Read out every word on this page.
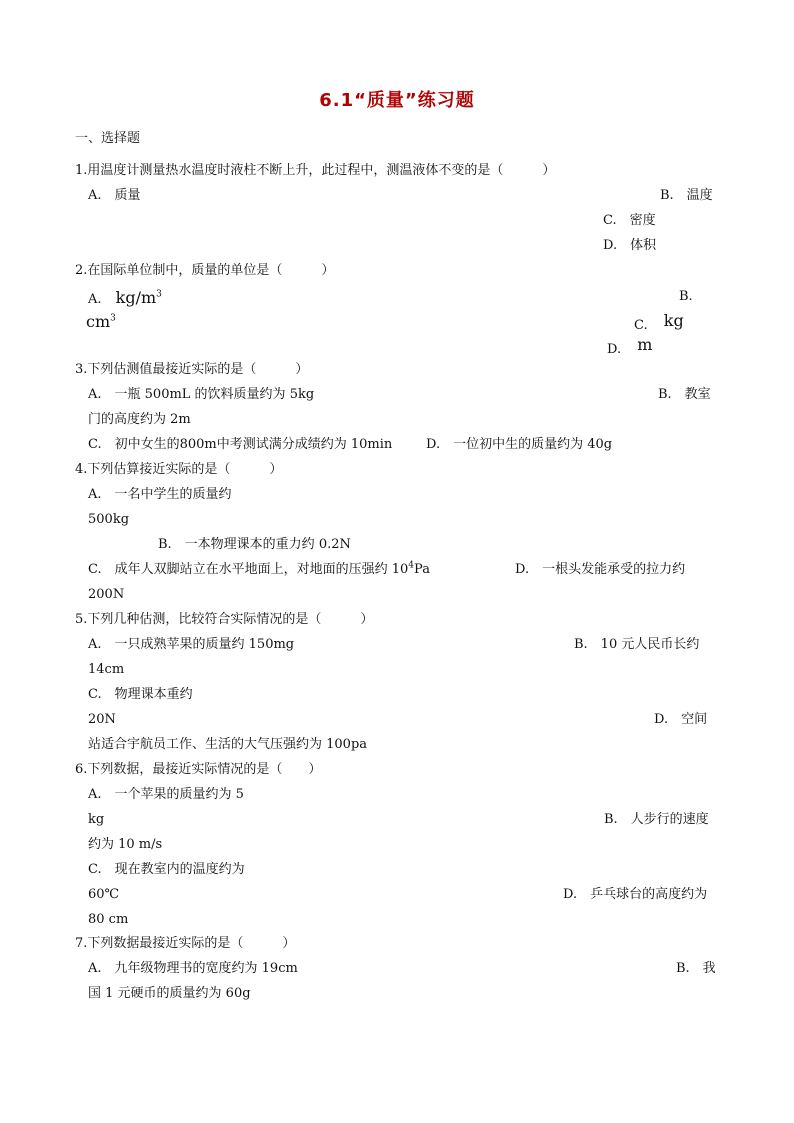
6.1“质量”练习题
一、选择题
1.用温度计测量热水温度时液柱不断上升，此过程中，测温液体不变的是（　　　）
A.　质量	B.　温度
C.　密度
D.　体积
2.在国际单位制中，质量的单位是（　　　）
A. $kg/m^3$	B.
$cm^3$	C. kg
D. m
3.下列估测值最接近实际的是（　　　）
A.　一瓶 500mL 的饮料质量约为 5kg	B.　教室
门的高度约为 2m
C.　初中女生的800m中考测试满分成绩约为 10min	D.　一位初中生的质量约为 40g
4.下列估算接近实际的是（　　　）
A.　一名中学生的质量约
500kg
B.　一本物理课本的重力约 0.2N
C.　成年人双脚站立在水平地面上，对地面的压强约 $10^4Pa$	D.　一根头发能承受的拉力约
200N
5.下列几种估测，比较符合实际情况的是（　　　）
A.　一只成熟苹果的质量约 150mg	B.　10 元人民币长约
14cm
C.　物理课本重约
20N	D.　空间
站适合宇航员工作、生活的大气压强约为 100pa
6.下列数据，最接近实际情况的是（　　）
A.　一个苹果的质量约为 5
kg	B.　人步行的速度
约为 10 m/s
C.　现在教室内的温度约为
60℃	D.　乒乓球台的高度约为
80 cm
7.下列数据最接近实际的是（　　　）
A.　九年级物理书的宽度约为 19cm	B.　我
国 1 元硬币的质量约为 60g
